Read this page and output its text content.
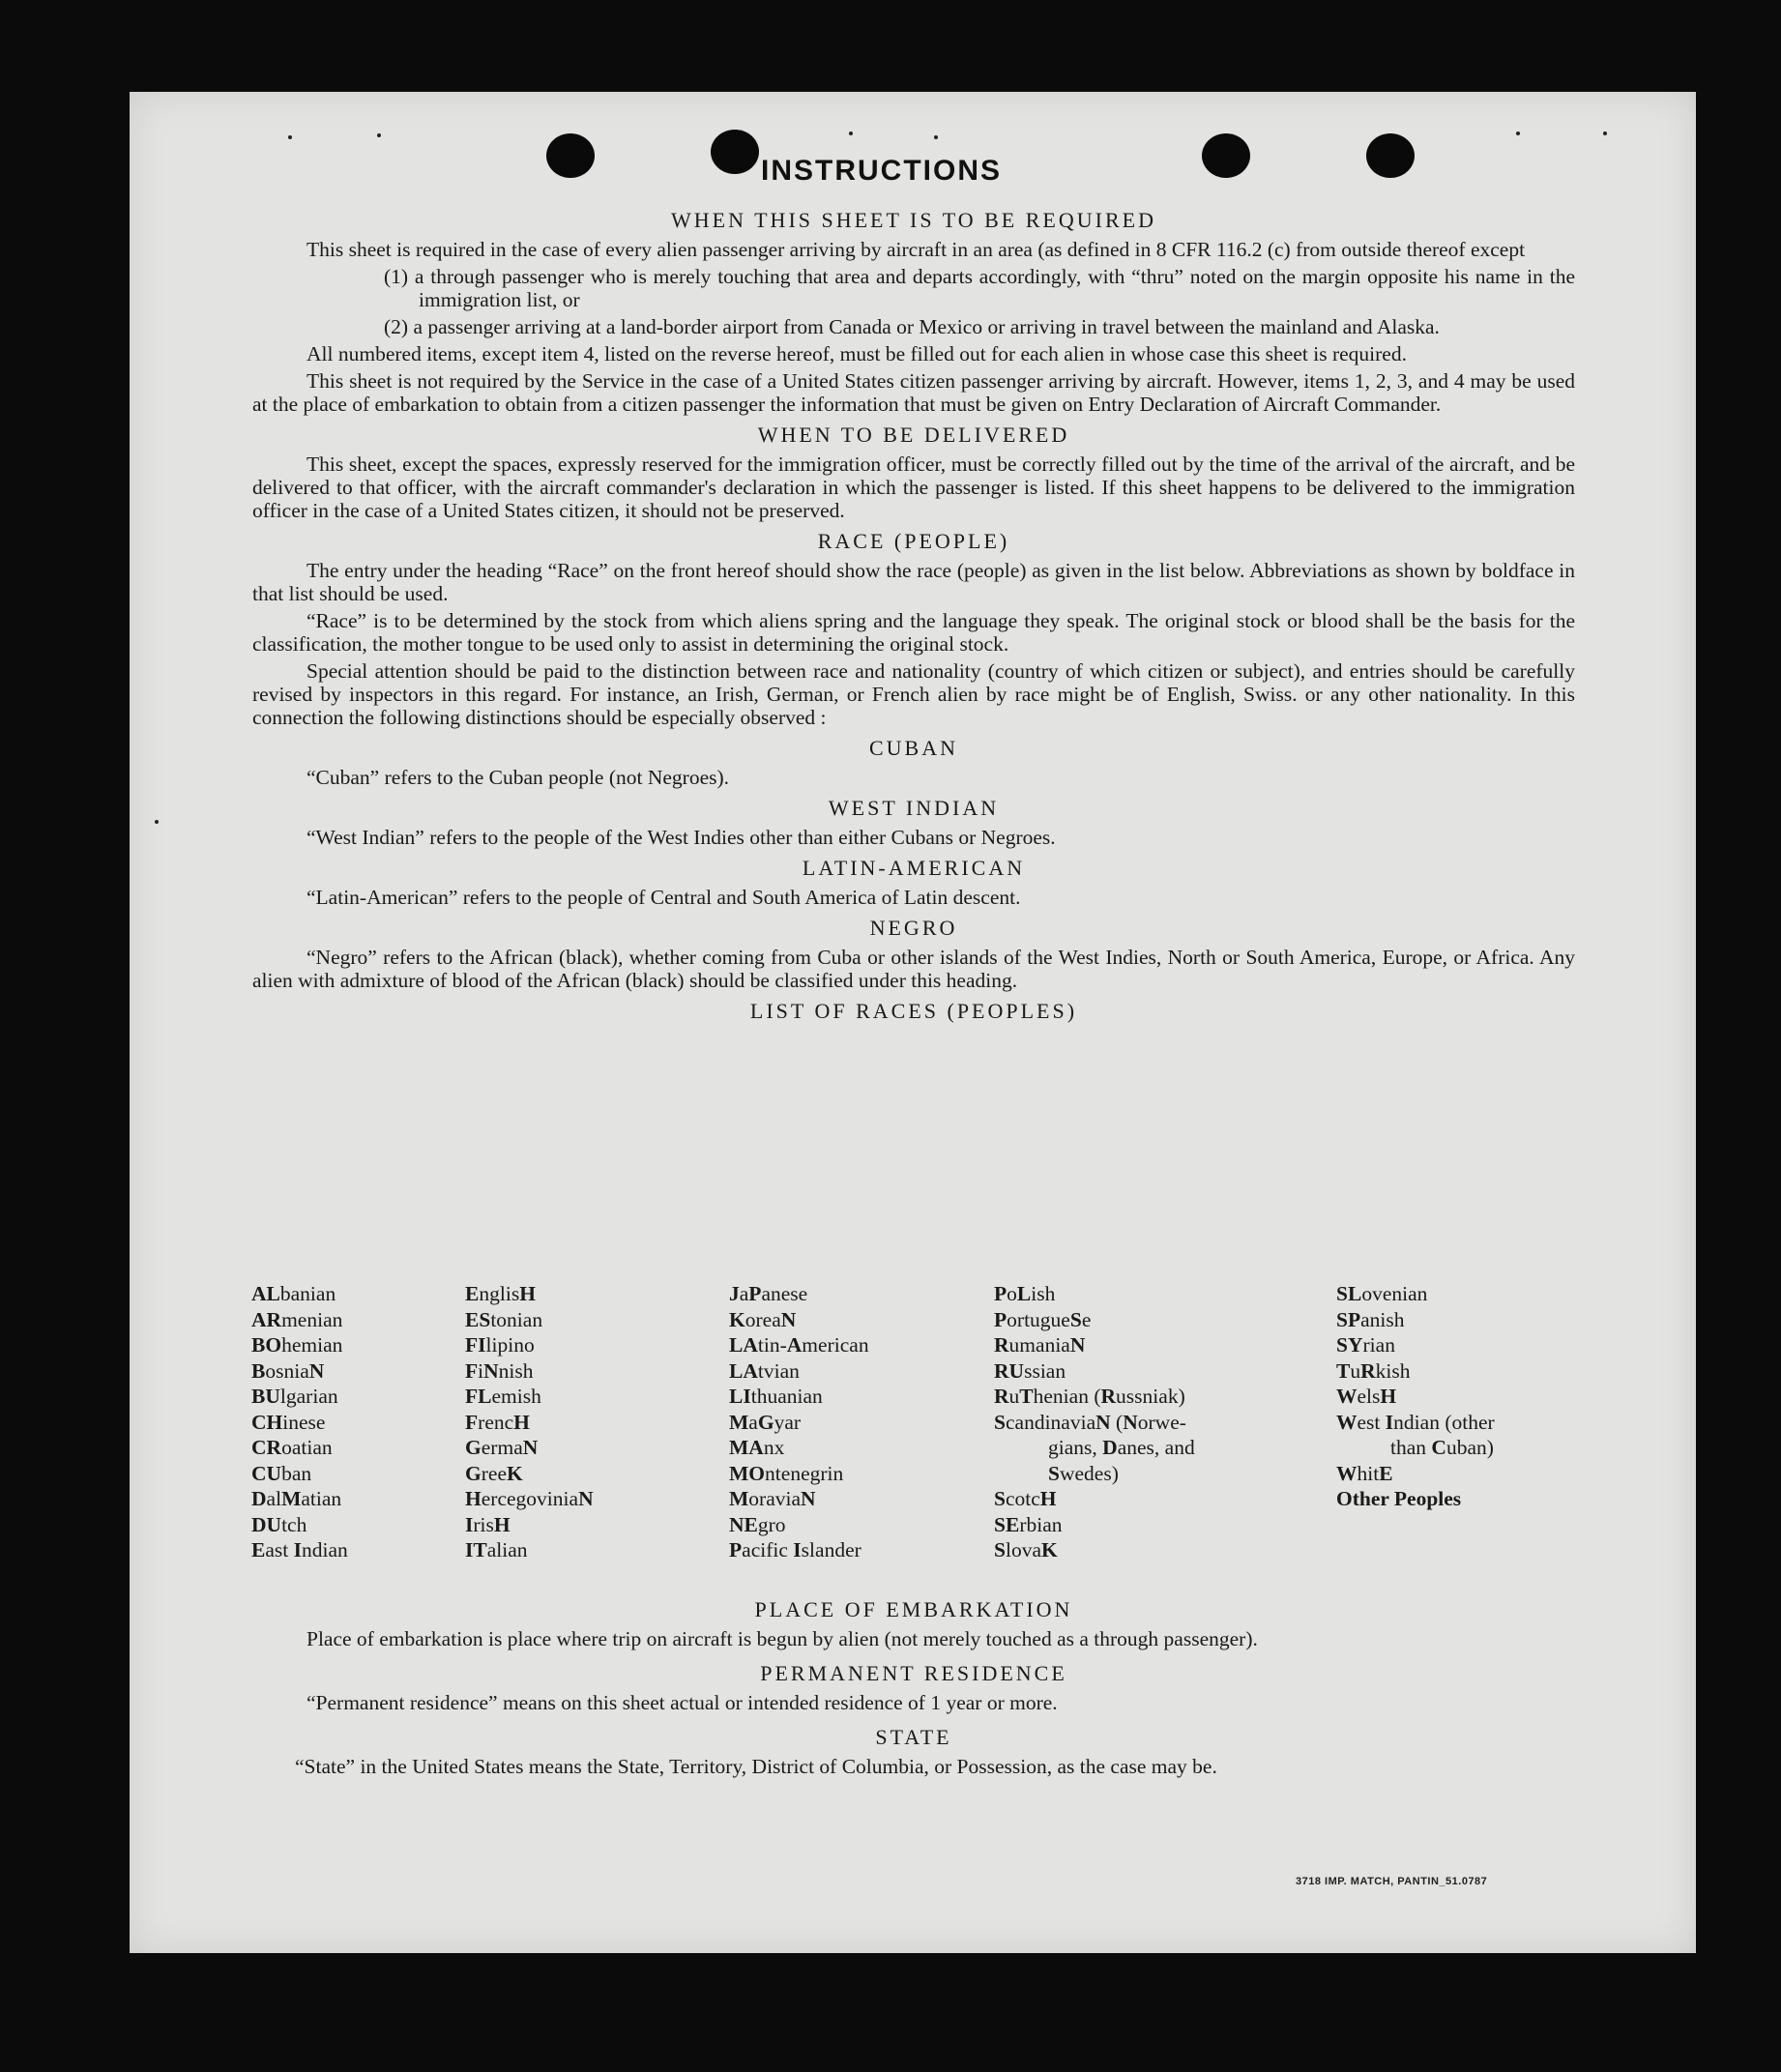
INSTRUCTIONS
WHEN THIS SHEET IS TO BE REQUIRED

This sheet is required in the case of every alien passenger arriving by aircraft in an area (as defined in 8 CFR 116.2 (c) from outside thereof except

(1) a through passenger who is merely touching that area and departs accordingly, with “thru” noted on the margin opposite his name in the immigration list, or

(2) a passenger arriving at a land-border airport from Canada or Mexico or arriving in travel between the mainland and Alaska.

All numbered items, except item 4, listed on the reverse hereof, must be filled out for each alien in whose case this sheet is required.

This sheet is not required by the Service in the case of a United States citizen passenger arriving by aircraft. However, items 1, 2, 3, and 4 may be used at the place of embarkation to obtain from a citizen passenger the information that must be given on Entry Declaration of Aircraft Commander.

WHEN TO BE DELIVERED

This sheet, except the spaces, expressly reserved for the immigration officer, must be correctly filled out by the time of the arrival of the aircraft, and be delivered to that officer, with the aircraft commander's declaration in which the passenger is listed. If this sheet happens to be delivered to the immigration officer in the case of a United States citizen, it should not be preserved.

RACE (PEOPLE)

The entry under the heading “Race” on the front hereof should show the race (people) as given in the list below. Abbreviations as shown by boldface in that list should be used.

“Race” is to be determined by the stock from which aliens spring and the language they speak. The original stock or blood shall be the basis for the classification, the mother tongue to be used only to assist in determining the original stock.

Special attention should be paid to the distinction between race and nationality (country of which citizen or subject), and entries should be carefully revised by inspectors in this regard. For instance, an Irish, German, or French alien by race might be of English, Swiss. or any other nationality. In this connection the following distinctions should be especially observed :

CUBAN

“Cuban” refers to the Cuban people (not Negroes).

WEST INDIAN

“West Indian” refers to the people of the West Indies other than either Cubans or Negroes.

LATIN-AMERICAN

“Latin-American” refers to the people of Central and South America of Latin descent.

NEGRO

“Negro” refers to the African (black), whether coming from Cuba or other islands of the West Indies, North or South America, Europe, or Africa. Any alien with admixture of blood of the African (black) should be classified under this heading.

LIST OF RACES (PEOPLES)
ALbanian
ARmenian
BOhemian
BosniaN
BUlgarian
CHinese
CRoatian
CUban
DalMatian
DUtch
East Indian
EnglisH
EStonian
FIlipino
FiNnish
FLemish
FrencH
GermaN
GreeK
HercegoviniaN
IrisH
ITalian
JaPanese
KoreaN
LAtin-American
LAtvian
LIthuanian
MaGyar
MAnx
MOntenegrin
MoraviaN
NEgro
Pacific Islander
PoLish
PortugueSe
RumaniaN
RUssian
RuThenian (Russniak)
ScandinaviaN (Norwe-
gians, Danes, and
Swedes)
ScotcH
SErbian
SlovaK
SLovenian
SPanish
SYrian
TuRkish
WelsH
West Indian (other
than Cuban)
WhitE
Other Peoples
PLACE OF EMBARKATION

Place of embarkation is place where trip on aircraft is begun by alien (not merely touched as a through passenger).

PERMANENT RESIDENCE

“Permanent residence” means on this sheet actual or intended residence of 1 year or more.

STATE

“State” in the United States means the State, Territory, District of Columbia, or Possession, as the case may be.

3718 IMP. MATCH, PANTIN_51.0787
